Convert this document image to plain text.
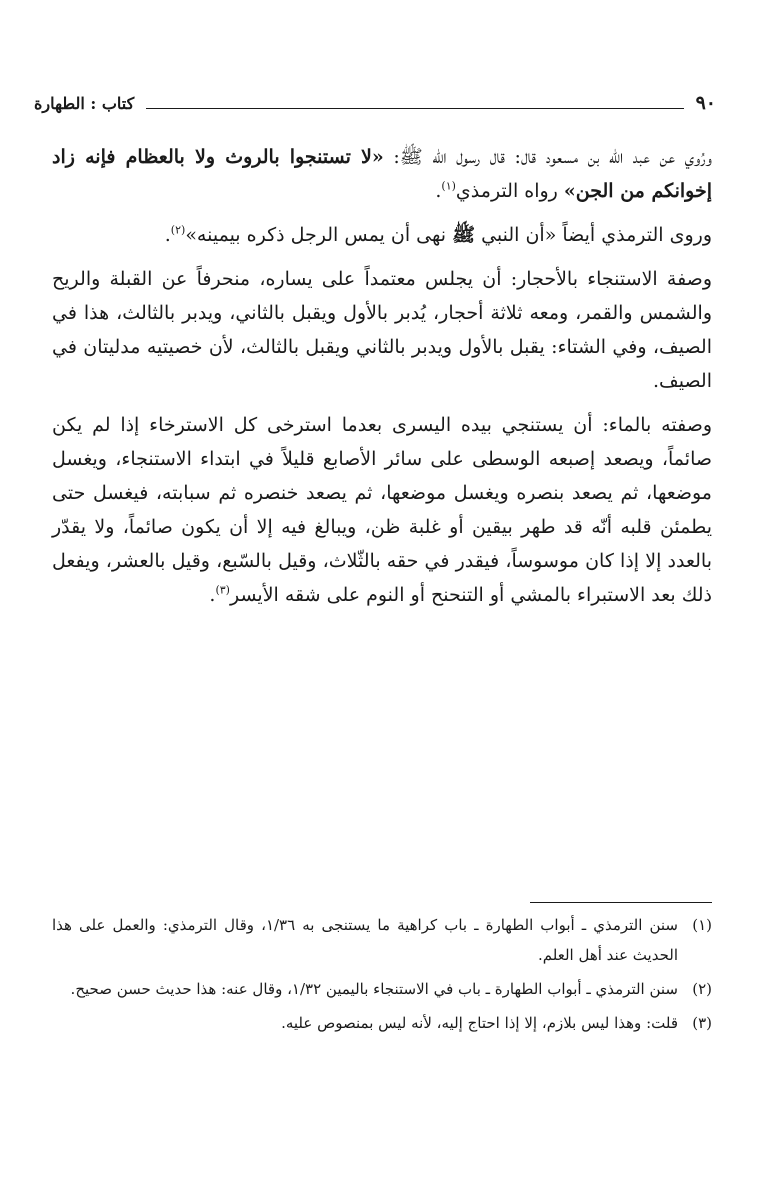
٩٠
كتاب : الطهارة

ورُوي عن عبد الله بن مسعود قال: قال رسول الله ﷺ: «لا تستنجوا بالروث ولا بالعظام فإنه زاد إخوانكم من الجن» رواه الترمذي$^{(١)}$.

وروى الترمذي أيضاً «أن النبي ﷺ نهى أن يمس الرجل ذكره بيمينه»$^{(٢)}$.

وصفة الاستنجاء بالأحجار: أن يجلس معتمداً على يساره، منحرفاً عن القبلة والريح والشمس والقمر، ومعه ثلاثة أحجار، يُدبر بالأول ويقبل بالثاني، ويدبر بالثالث، هذا في الصيف، وفي الشتاء: يقبل بالأول ويدبر بالثاني ويقبل بالثالث، لأن خصيتيه مدليتان في الصيف.

وصفته بالماء: أن يستنجي بيده اليسرى بعدما استرخى كل الاسترخاء إذا لم يكن صائماً، ويصعد إصبعه الوسطى على سائر الأصابع قليلاً في ابتداء الاستنجاء، ويغسل موضعها، ثم يصعد بنصره ويغسل موضعها، ثم يصعد خنصره ثم سبابته، فيغسل حتى يطمئن قلبه أنّه قد طهر بيقين أو غلبة ظن، ويبالغ فيه إلا أن يكون صائماً، ولا يقدّر بالعدد إلا إذا كان موسوساً، فيقدر في حقه بالثّلاث، وقيل بالسّبع، وقيل بالعشر، ويفعل ذلك بعد الاستبراء بالمشي أو التنحنح أو النوم على شقه الأيسر$^{(٣)}$.

(١)
سنن الترمذي ـ أبواب الطهارة ـ باب كراهية ما يستنجى به ١/٣٦، وقال الترمذي: والعمل على هذا الحديث عند أهل العلم.
(٢)
سنن الترمذي ـ أبواب الطهارة ـ باب في الاستنجاء باليمين ١/٣٢، وقال عنه: هذا حديث حسن صحيح.
(٣)
قلت: وهذا ليس بلازم، إلا إذا احتاج إليه، لأنه ليس بمنصوص عليه.
